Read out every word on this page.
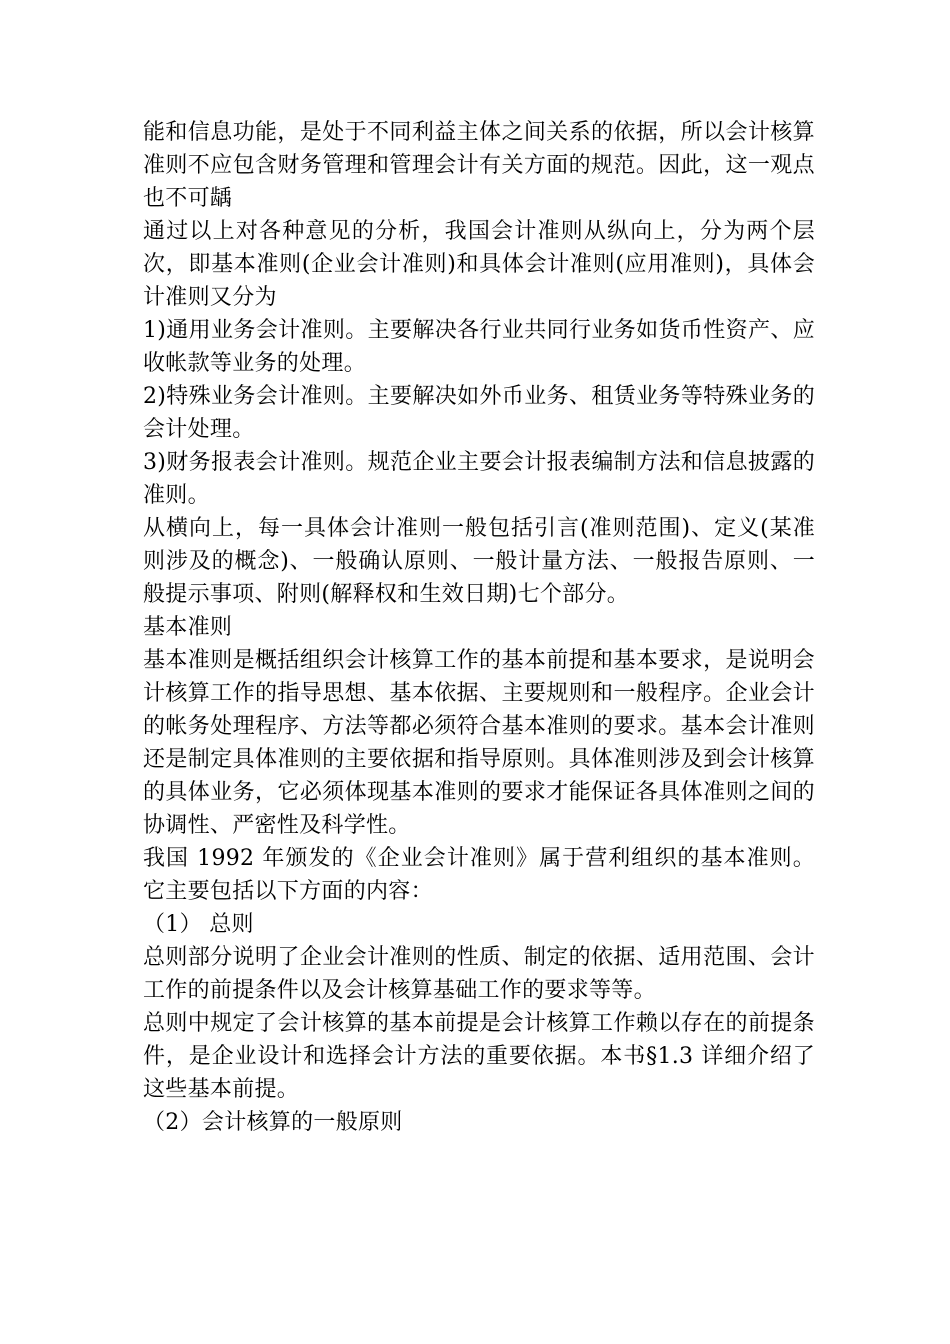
能和信息功能，是处于不同利益主体之间关系的依据，所以会计核算准则不应包含财务管理和管理会计有关方面的规范。因此，这一观点也不可龋

通过以上对各种意见的分析，我国会计准则从纵向上，分为两个层次，即基本准则(企业会计准则)和具体会计准则(应用准则)，具体会计准则又分为

1)通用业务会计准则。主要解决各行业共同行业务如货币性资产、应收帐款等业务的处理。

2)特殊业务会计准则。主要解决如外币业务、租赁业务等特殊业务的会计处理。

3)财务报表会计准则。规范企业主要会计报表编制方法和信息披露的准则。

从横向上，每一具体会计准则一般包括引言(准则范围)、定义(某准则涉及的概念)、一般确认原则、一般计量方法、一般报告原则、一般提示事项、附则(解释权和生效日期)七个部分。

基本准则

基本准则是概括组织会计核算工作的基本前提和基本要求，是说明会计核算工作的指导思想、基本依据、主要规则和一般程序。企业会计的帐务处理程序、方法等都必须符合基本准则的要求。基本会计准则还是制定具体准则的主要依据和指导原则。具体准则涉及到会计核算的具体业务，它必须体现基本准则的要求才能保证各具体准则之间的协调性、严密性及科学性。

我国 1992 年颁发的《企业会计准则》属于营利组织的基本准则。它主要包括以下方面的内容：

（1） 总则

总则部分说明了企业会计准则的性质、制定的依据、适用范围、会计工作的前提条件以及会计核算基础工作的要求等等。

总则中规定了会计核算的基本前提是会计核算工作赖以存在的前提条件，是企业设计和选择会计方法的重要依据。本书§1.3 详细介绍了这些基本前提。

（2）会计核算的一般原则
